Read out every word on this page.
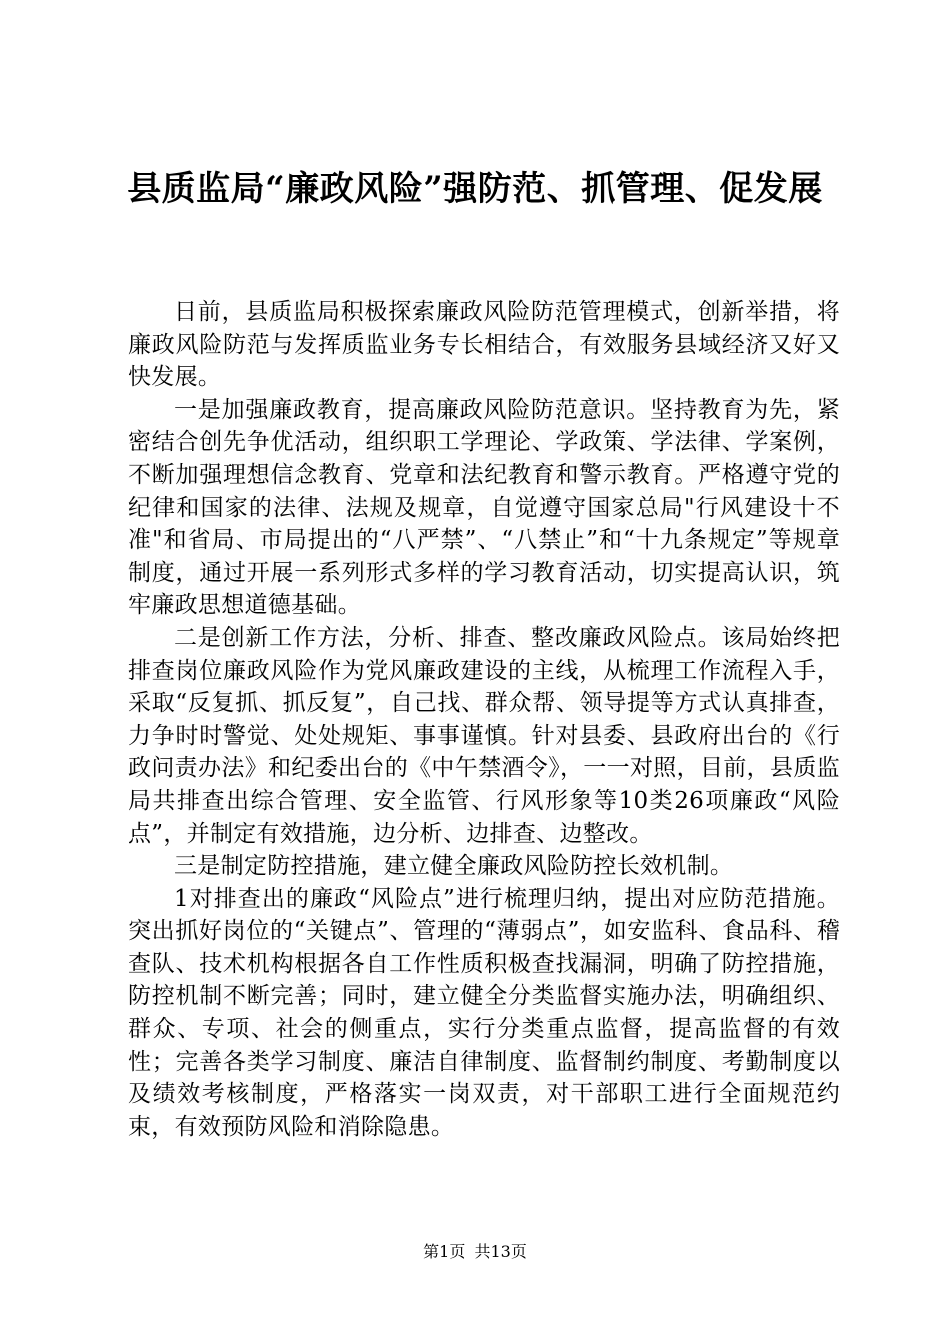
县质监局“廉政风险”强防范、抓管理、促发展

日前，县质监局积极探索廉政风险防范管理模式，创新举措，将廉政风险防范与发挥质监业务专长相结合，有效服务县域经济又好又快发展。

一是加强廉政教育，提高廉政风险防范意识。坚持教育为先，紧密结合创先争优活动，组织职工学理论、学政策、学法律、学案例，不断加强理想信念教育、党章和法纪教育和警示教育。严格遵守党的纪律和国家的法律、法规及规章，自觉遵守国家总局"行风建设十不准"和省局、市局提出的“八严禁”、“八禁止”和“十九条规定”等规章制度，通过开展一系列形式多样的学习教育活动，切实提高认识，筑牢廉政思想道德基础。

二是创新工作方法，分析、排查、整改廉政风险点。该局始终把排查岗位廉政风险作为党风廉政建设的主线，从梳理工作流程入手，采取“反复抓、抓反复”，自己找、群众帮、领导提等方式认真排查，力争时时警觉、处处规矩、事事谨慎。针对县委、县政府出台的《行政问责办法》和纪委出台的《中午禁酒令》，一一对照，目前，县质监局共排查出综合管理、安全监管、行风形象等10类26项廉政“风险点”，并制定有效措施，边分析、边排查、边整改。

三是制定防控措施，建立健全廉政风险防控长效机制。

1对排查出的廉政“风险点”进行梳理归纳，提出对应防范措施。突出抓好岗位的“关键点”、管理的“薄弱点”，如安监科、食品科、稽查队、技术机构根据各自工作性质积极查找漏洞，明确了防控措施，防控机制不断完善；同时，建立健全分类监督实施办法，明确组织、群众、专项、社会的侧重点，实行分类重点监督，提高监督的有效性；完善各类学习制度、廉洁自律制度、监督制约制度、考勤制度以及绩效考核制度，严格落实一岗双责，对干部职工进行全面规范约束，有效预防风险和消除隐患。

第1页 共13页
